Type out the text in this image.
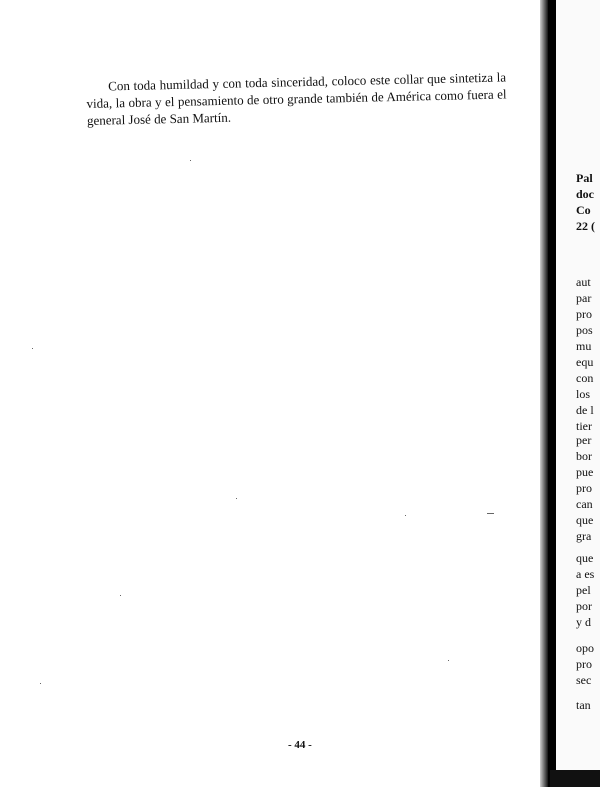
Con toda humildad y con toda sinceridad, coloco este collar que sintetiza la vida, la obra y el pensamiento de otro grande también de América como fuera el general José de San Martín.

- 44 -
Pal
doc
Co
22 (
aut
par
pro
pos
mu
equ
con
los
de l
tier
per
bor
pue
pro
can
que
gra
que
a es
pel
por
y d
opo
pro
sec
tan
